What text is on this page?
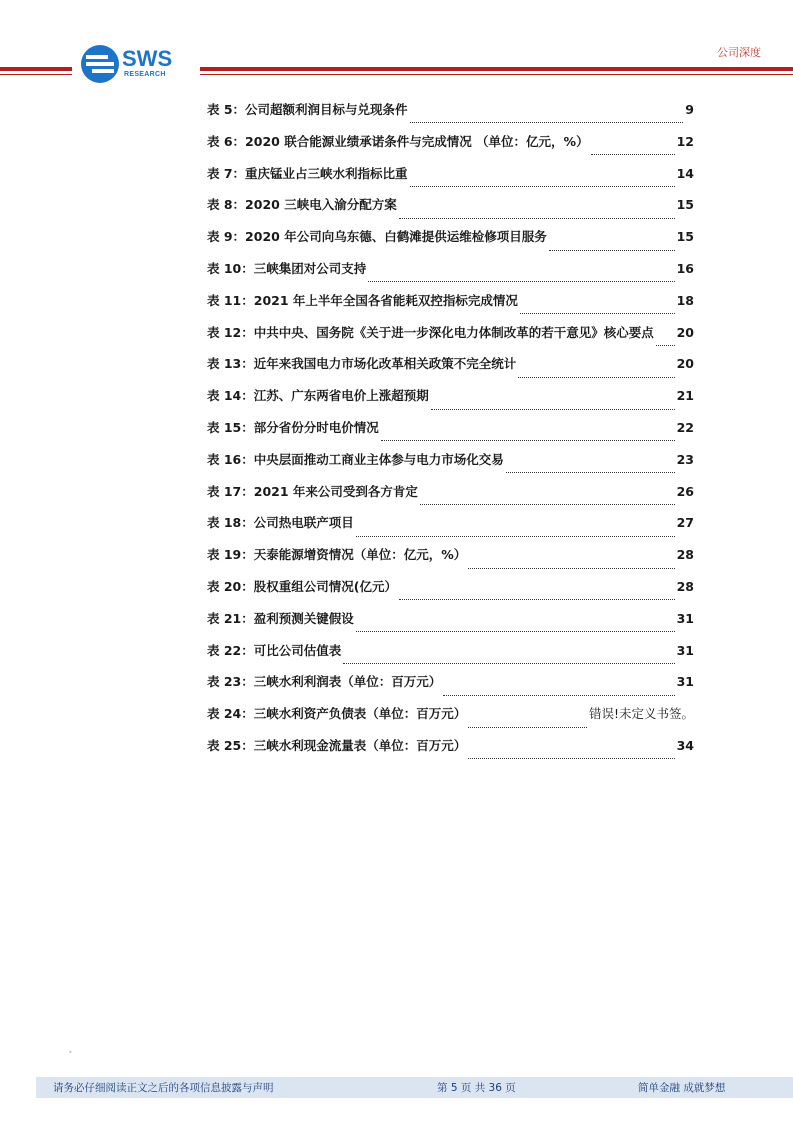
SWS
RESEARCH
公司深度
表 5：公司超额利润目标与兑现条件	9
表 6：2020 联合能源业绩承诺条件与完成情况 （单位：亿元，%）	12
表 7：重庆锰业占三峡水利指标比重	14
表 8：2020 三峡电入渝分配方案	15
表 9：2020 年公司向乌东德、白鹤滩提供运维检修项目服务	15
表 10：三峡集团对公司支持	16
表 11：2021 年上半年全国各省能耗双控指标完成情况	18
表 12：中共中央、国务院《关于进一步深化电力体制改革的若干意见》核心要点 20
表 13：近年来我国电力市场化改革相关政策不完全统计	20
表 14：江苏、广东两省电价上涨超预期	21
表 15：部分省份分时电价情况	22
表 16：中央层面推动工商业主体参与电力市场化交易	23
表 17：2021 年来公司受到各方肯定	26
表 18：公司热电联产项目	27
表 19：天泰能源增资情况（单位：亿元，%）	28
表 20：股权重组公司情况(亿元）	28
表 21：盈利预测关键假设	31
表 22：可比公司估值表	31
表 23：三峡水利利润表（单位：百万元）	31
表 24：三峡水利资产负债表（单位：百万元）	错误!未定义书签。
表 25：三峡水利现金流量表（单位：百万元）	34
•
请务必仔细阅读正文之后的各项信息披露与声明	第 5 页 共 36 页	简单金融 成就梦想
